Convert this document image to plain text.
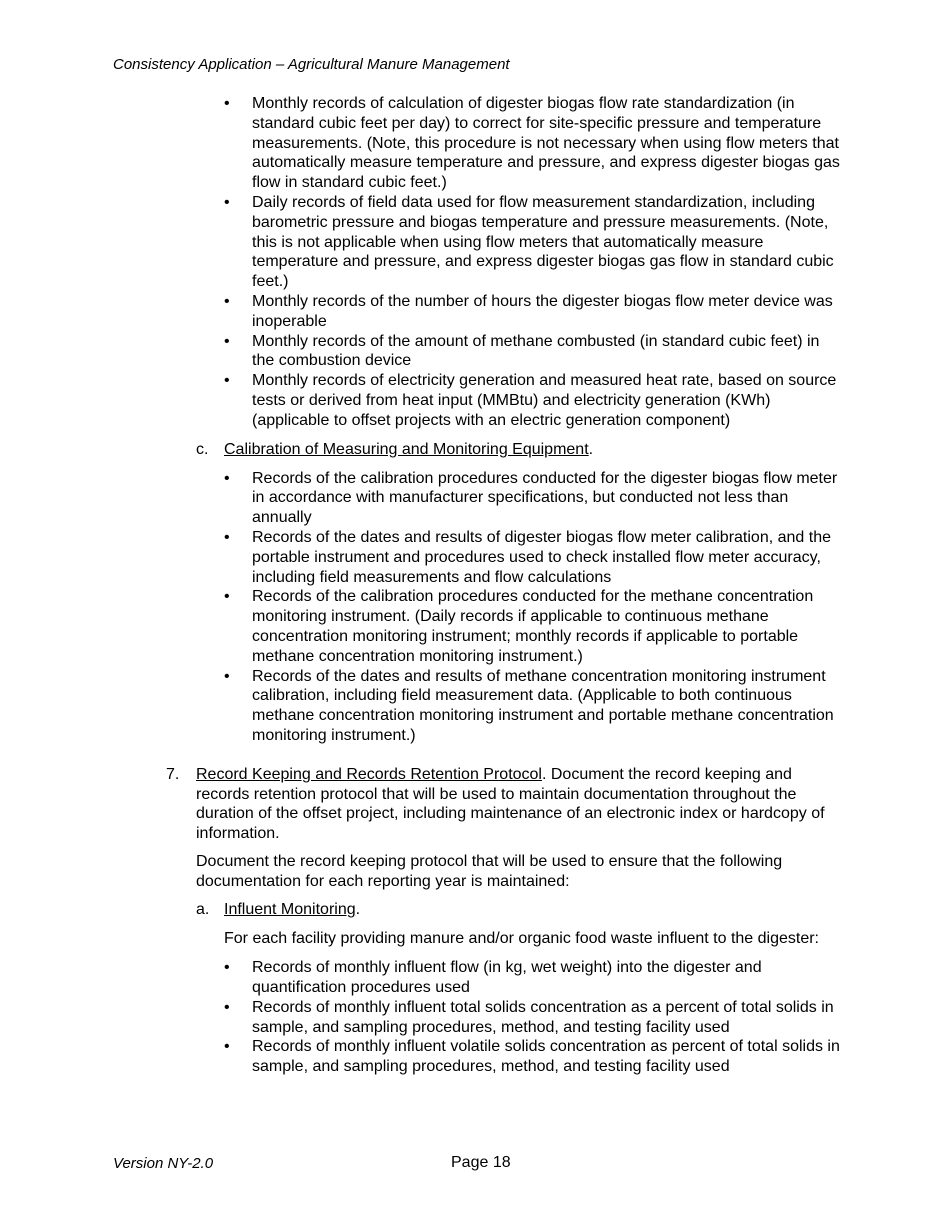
Consistency Application – Agricultural Manure Management
• Monthly records of calculation of digester biogas flow rate standardization (in standard cubic feet per day) to correct for site-specific pressure and temperature measurements. (Note, this procedure is not necessary when using flow meters that automatically measure temperature and pressure, and express digester biogas gas flow in standard cubic feet.)
• Daily records of field data used for flow measurement standardization, including barometric pressure and biogas temperature and pressure measurements. (Note, this is not applicable when using flow meters that automatically measure temperature and pressure, and express digester biogas gas flow in standard cubic feet.)
• Monthly records of the number of hours the digester biogas flow meter device was inoperable
• Monthly records of the amount of methane combusted (in standard cubic feet) in the combustion device
• Monthly records of electricity generation and measured heat rate, based on source tests or derived from heat input (MMBtu) and electricity generation (KWh) (applicable to offset projects with an electric generation component)
c. Calibration of Measuring and Monitoring Equipment.
• Records of the calibration procedures conducted for the digester biogas flow meter in accordance with manufacturer specifications, but conducted not less than annually
• Records of the dates and results of digester biogas flow meter calibration, and the portable instrument and procedures used to check installed flow meter accuracy, including field measurements and flow calculations
• Records of the calibration procedures conducted for the methane concentration monitoring instrument. (Daily records if applicable to continuous methane concentration monitoring instrument; monthly records if applicable to portable methane concentration monitoring instrument.)
• Records of the dates and results of methane concentration monitoring instrument calibration, including field measurement data. (Applicable to both continuous methane concentration monitoring instrument and portable methane concentration monitoring instrument.)
7. Record Keeping and Records Retention Protocol. Document the record keeping and records retention protocol that will be used to maintain documentation throughout the duration of the offset project, including maintenance of an electronic index or hardcopy of information.
Document the record keeping protocol that will be used to ensure that the following documentation for each reporting year is maintained:
a. Influent Monitoring.
For each facility providing manure and/or organic food waste influent to the digester:
• Records of monthly influent flow (in kg, wet weight) into the digester and quantification procedures used
• Records of monthly influent total solids concentration as a percent of total solids in sample, and sampling procedures, method, and testing facility used
• Records of monthly influent volatile solids concentration as percent of total solids in sample, and sampling procedures, method, and testing facility used
Version NY-2.0	Page 18
